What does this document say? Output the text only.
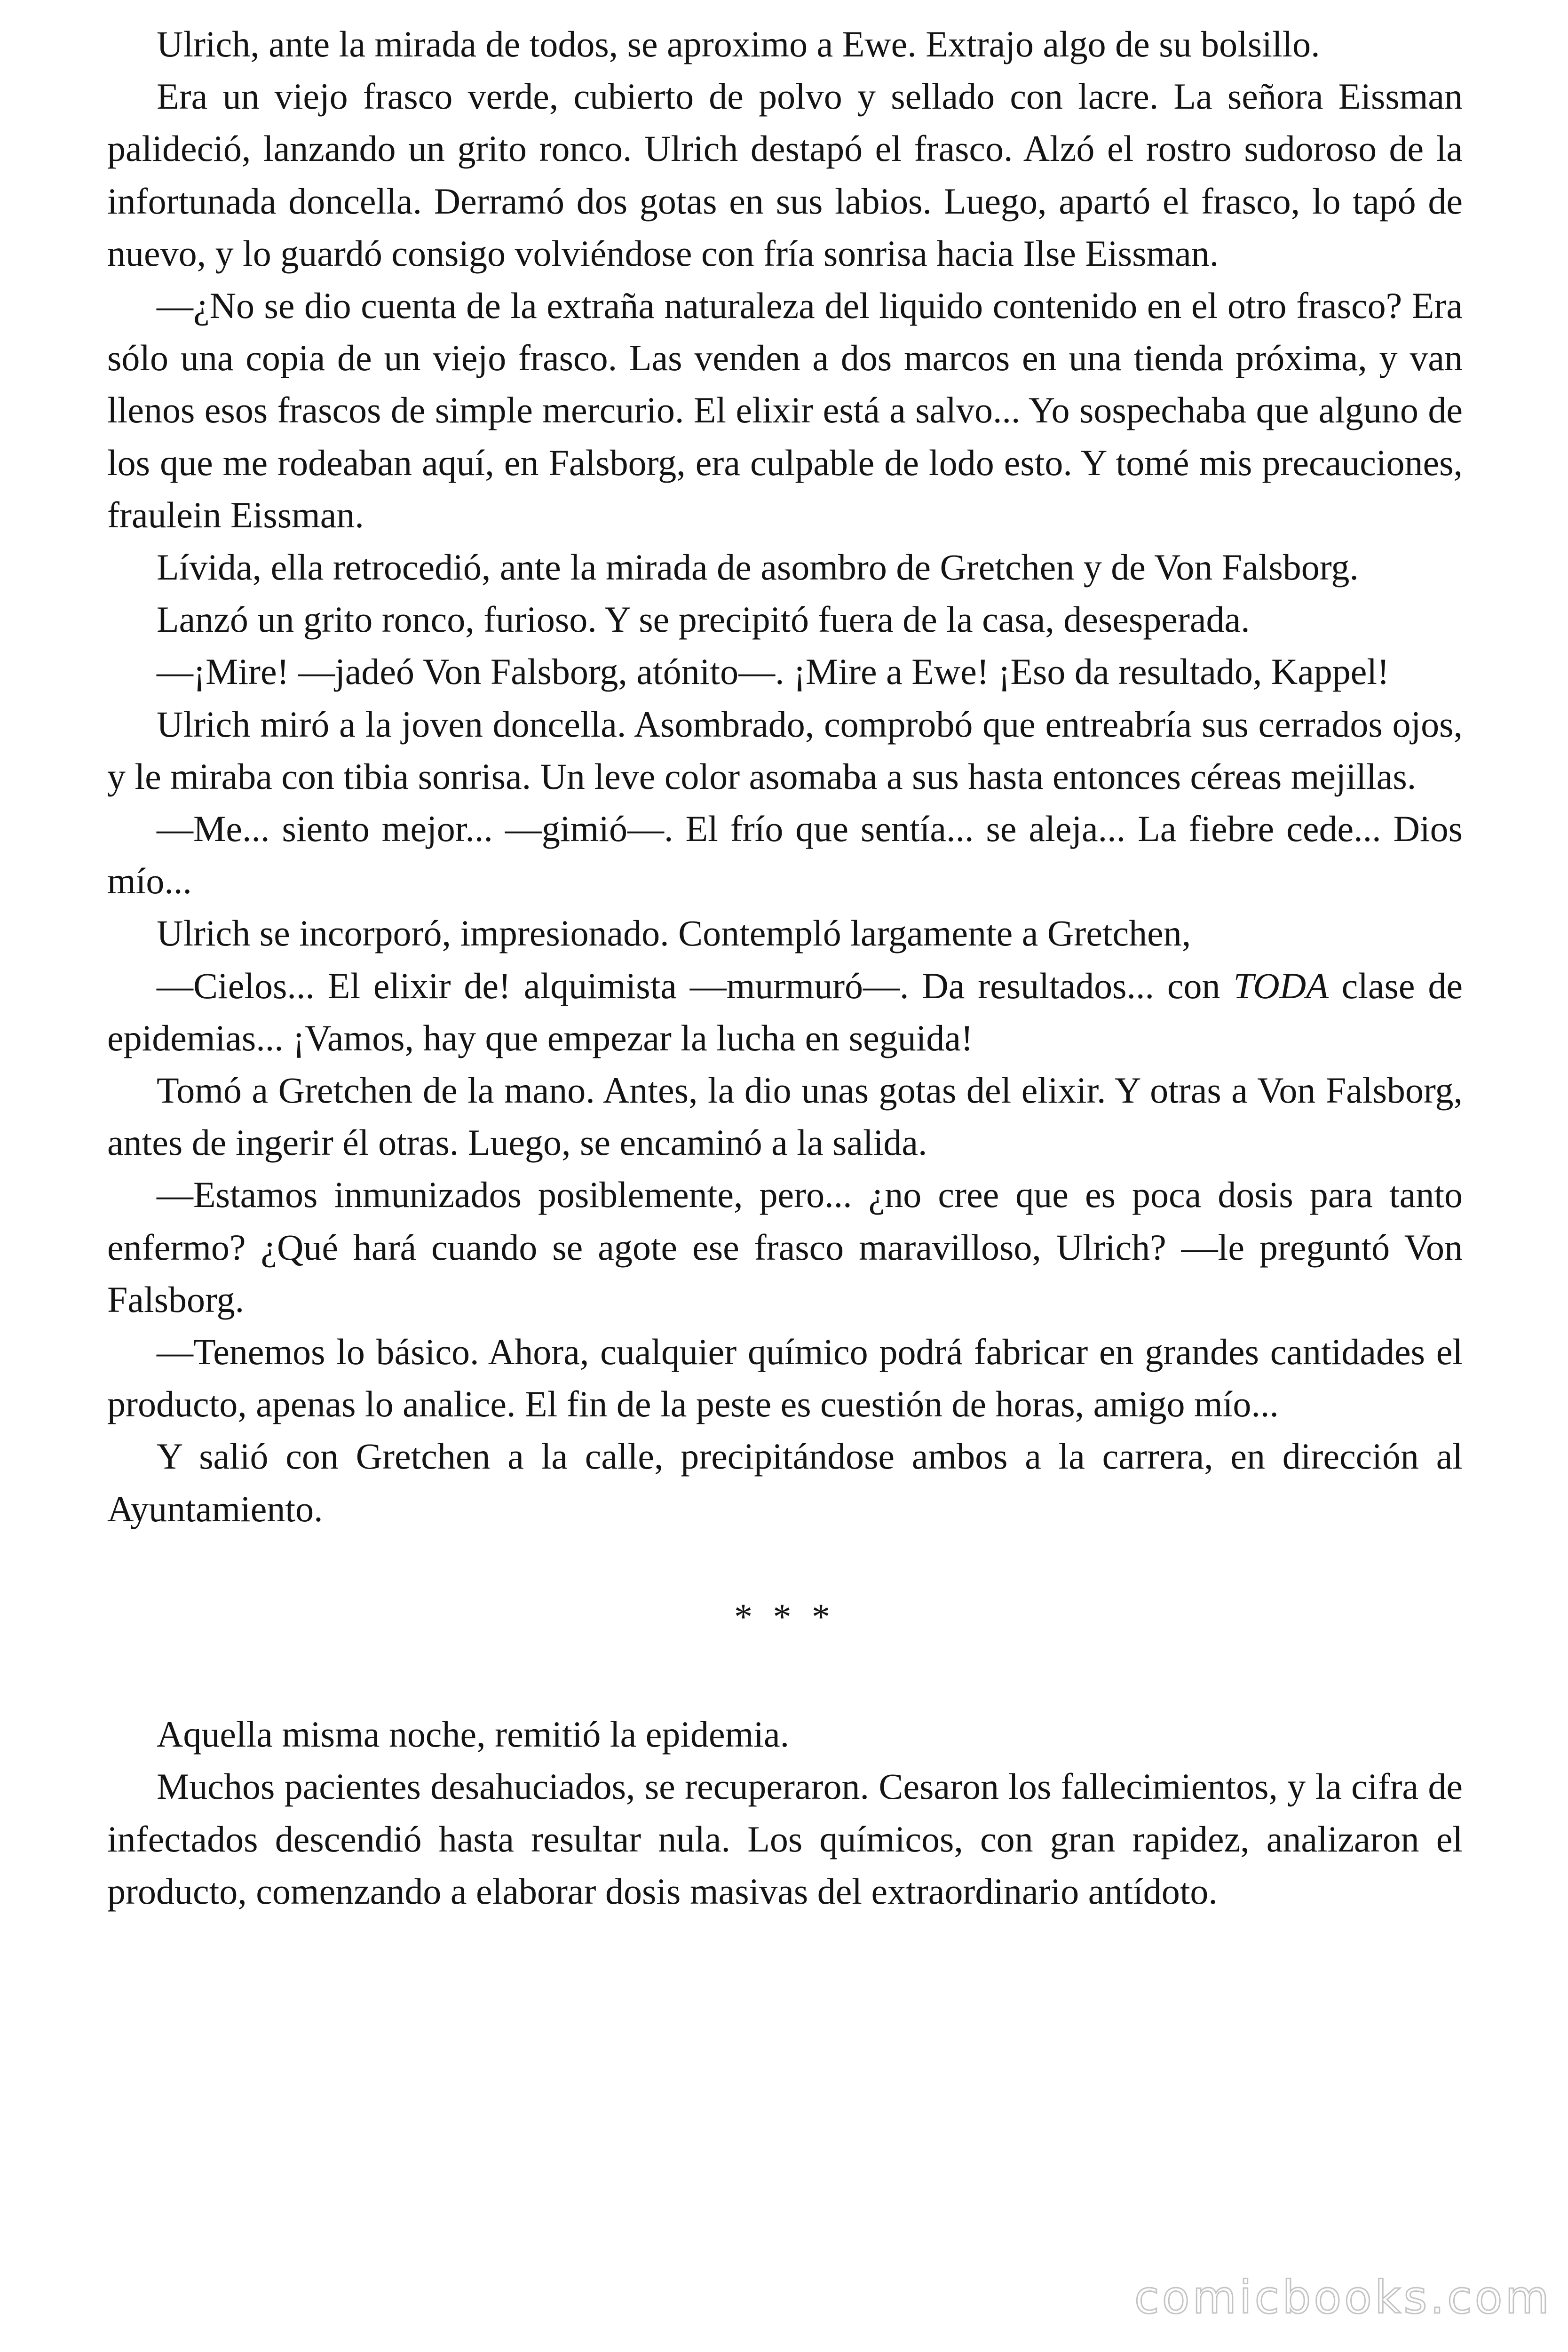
Ulrich, ante la mirada de todos, se aproximo a Ewe. Extrajo algo de su bolsillo.

Era un viejo frasco verde, cubierto de polvo y sellado con lacre. La señora Eissman palideció, lanzando un grito ronco. Ulrich destapó el frasco. Alzó el rostro sudoroso de la infortunada doncella. Derramó dos gotas en sus labios. Luego, apartó el frasco, lo tapó de nuevo, y lo guardó consigo volviéndose con fría sonrisa hacia Ilse Eissman.

—¿No se dio cuenta de la extraña naturaleza del liquido contenido en el otro frasco? Era sólo una copia de un viejo frasco. Las venden a dos marcos en una tienda próxima, y van llenos esos frascos de simple mercurio. El elixir está a salvo... Yo sospechaba que alguno de los que me rodeaban aquí, en Falsborg, era culpable de lodo esto. Y tomé mis precauciones, fraulein Eissman.

Lívida, ella retrocedió, ante la mirada de asombro de Gretchen y de Von Falsborg.

Lanzó un grito ronco, furioso. Y se precipitó fuera de la casa, desesperada.

—¡Mire! —jadeó Von Falsborg, atónito—. ¡Mire a Ewe! ¡Eso da resultado, Kappel!

Ulrich miró a la joven doncella. Asombrado, comprobó que entreabría sus cerrados ojos, y le miraba con tibia sonrisa. Un leve color asomaba a sus hasta entonces céreas mejillas.

—Me... siento mejor... —gimió—. El frío que sentía... se aleja... La fiebre cede... Dios mío...

Ulrich se incorporó, impresionado. Contempló largamente a Gretchen,

—Cielos... El elixir de! alquimista —murmuró—. Da resultados... con TODA clase de epidemias... ¡Vamos, hay que empezar la lucha en seguida!

Tomó a Gretchen de la mano. Antes, la dio unas gotas del elixir. Y otras a Von Falsborg, antes de ingerir él otras. Luego, se encaminó a la salida.

—Estamos inmunizados posiblemente, pero... ¿no cree que es poca dosis para tanto enfermo? ¿Qué hará cuando se agote ese frasco maravilloso, Ulrich? —le preguntó Von Falsborg.

—Tenemos lo básico. Ahora, cualquier químico podrá fabricar en grandes cantidades el producto, apenas lo analice. El fin de la peste es cuestión de horas, amigo mío...

Y salió con Gretchen a la calle, precipitándose ambos a la carrera, en dirección al Ayuntamiento.

* * *

Aquella misma noche, remitió la epidemia.

Muchos pacientes desahuciados, se recuperaron. Cesaron los fallecimientos, y la cifra de infectados descendió hasta resultar nula. Los químicos, con gran rapidez, analizaron el producto, comenzando a elaborar dosis masivas del extraordinario antídoto.

comicbooks.com
